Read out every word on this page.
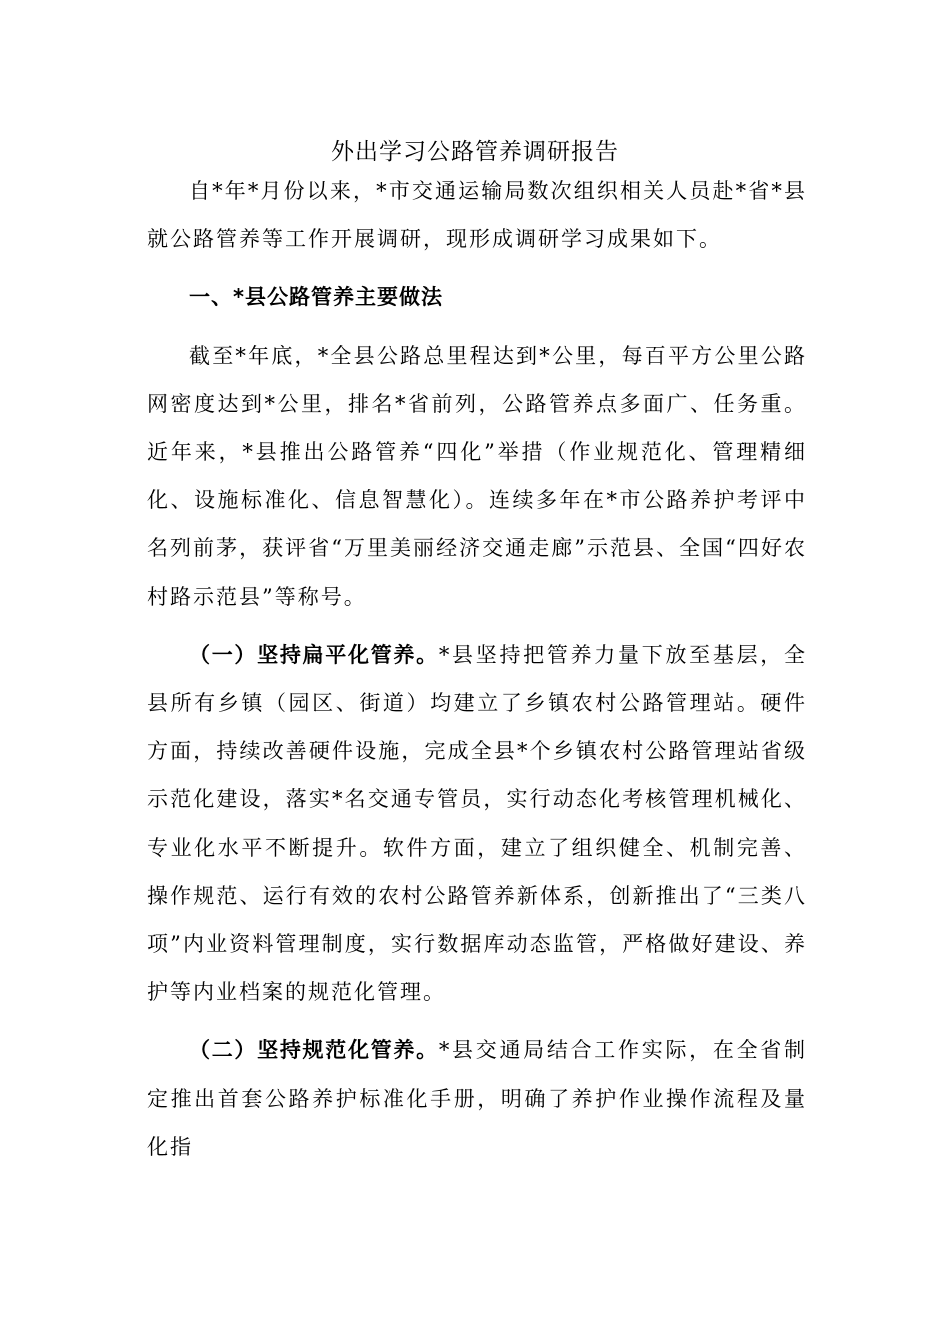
外出学习公路管养调研报告

自*年*月份以来，*市交通运输局数次组织相关人员赴*省*县就公路管养等工作开展调研，现形成调研学习成果如下。

一、*县公路管养主要做法

截至*年底，*全县公路总里程达到*公里，每百平方公里公路网密度达到*公里，排名*省前列，公路管养点多面广、任务重。近年来，*县推出公路管养“四化”举措（作业规范化、管理精细化、设施标准化、信息智慧化）。连续多年在*市公路养护考评中名列前茅，获评省“万里美丽经济交通走廊”示范县、全国“四好农村路示范县”等称号。

（一）坚持扁平化管养。*县坚持把管养力量下放至基层，全县所有乡镇（园区、街道）均建立了乡镇农村公路管理站。硬件方面，持续改善硬件设施，完成全县*个乡镇农村公路管理站省级示范化建设，落实*名交通专管员，实行动态化考核管理机械化、专业化水平不断提升。软件方面，建立了组织健全、机制完善、操作规范、运行有效的农村公路管养新体系，创新推出了“三类八项”内业资料管理制度，实行数据库动态监管，严格做好建设、养护等内业档案的规范化管理。

（二）坚持规范化管养。*县交通局结合工作实际，在全省制定推出首套公路养护标准化手册，明确了养护作业操作流程及量化指
